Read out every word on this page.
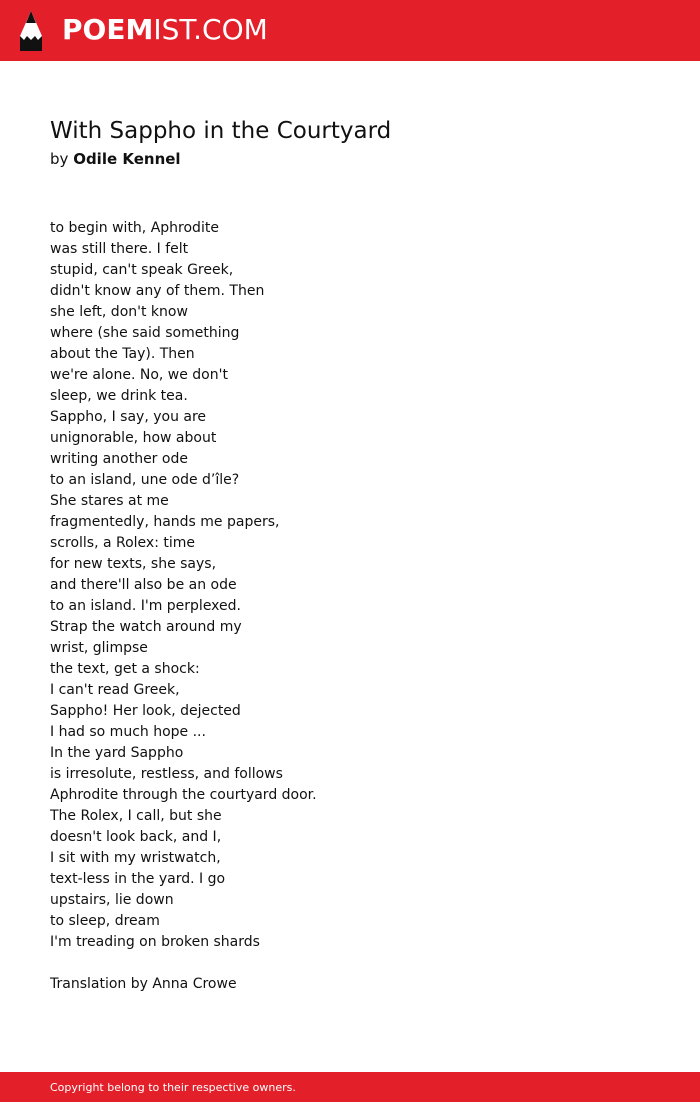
POEMIST.COM
With Sappho in the Courtyard
by Odile Kennel
to begin with, Aphrodite
was still there. I felt
stupid, can't speak Greek,
didn't know any of them. Then
she left, don't know
where (she said something
about the Tay). Then
we're alone. No, we don't
sleep, we drink tea.
Sappho, I say, you are
unignorable, how about
writing another ode
to an island, une ode d’île?
She stares at me
fragmentedly, hands me papers,
scrolls, a Rolex: time
for new texts, she says,
and there'll also be an ode
to an island. I'm perplexed.
Strap the watch around my
wrist, glimpse
the text, get a shock:
I can't read Greek,
Sappho! Her look, dejected
I had so much hope ...
In the yard Sappho
is irresolute, restless, and follows
Aphrodite through the courtyard door.
The Rolex, I call, but she
doesn't look back, and I,
I sit with my wristwatch,
text-less in the yard. I go
upstairs, lie down
to sleep, dream
I'm treading on broken shards
Translation by Anna Crowe
Copyright belong to their respective owners.
